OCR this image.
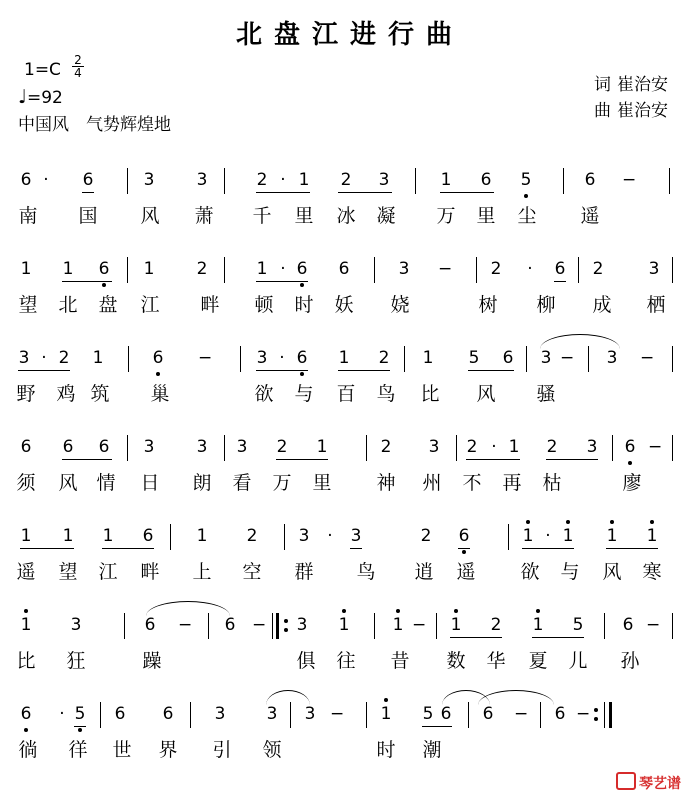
北盘江进行曲
1=C 2
4
♩=92
中国风　气势辉煌地
词 崔治安
曲 崔治安
6 · 6	3 3	2 · 1 2 3	1 6 5	6 −
南 国 风 萧 千 里 冰 凝 万 里 尘 遥
1 1 6 1 2	1 · 6 6	3 − 2 · 6 2	3
望 北 盘 江 畔 顿 时 妖 娆	树 柳 成 栖
3 · 2 1	6 −	3 · 6 1 2 1 5 6 3 − 3 −
野 鸡 筑 巢	欲 与 百 鸟 比 风 骚
6 6 6 3 3 3 2 1	2 3 2 · 1 2 3 6 −
须 风 情 日 朗 看 万 里 神 州 不 再 枯	廖
1 1 1 6	1 2 3 · 3	2 6	1 · 1 1 1
遥 望 江 畔 上 空 群 鸟 逍 遥 欲 与 风 寒
1 3	6 − 6 − 3 1	1 − 1 2 1 5 6 −
比 狂	躁	俱 往 昔 数 华 夏 儿 孙
6 · 5 6 6 3 3 3 − 1 5 6 6 − 6 −
徜 徉 世 界 引 领	时 潮
琴艺谱
